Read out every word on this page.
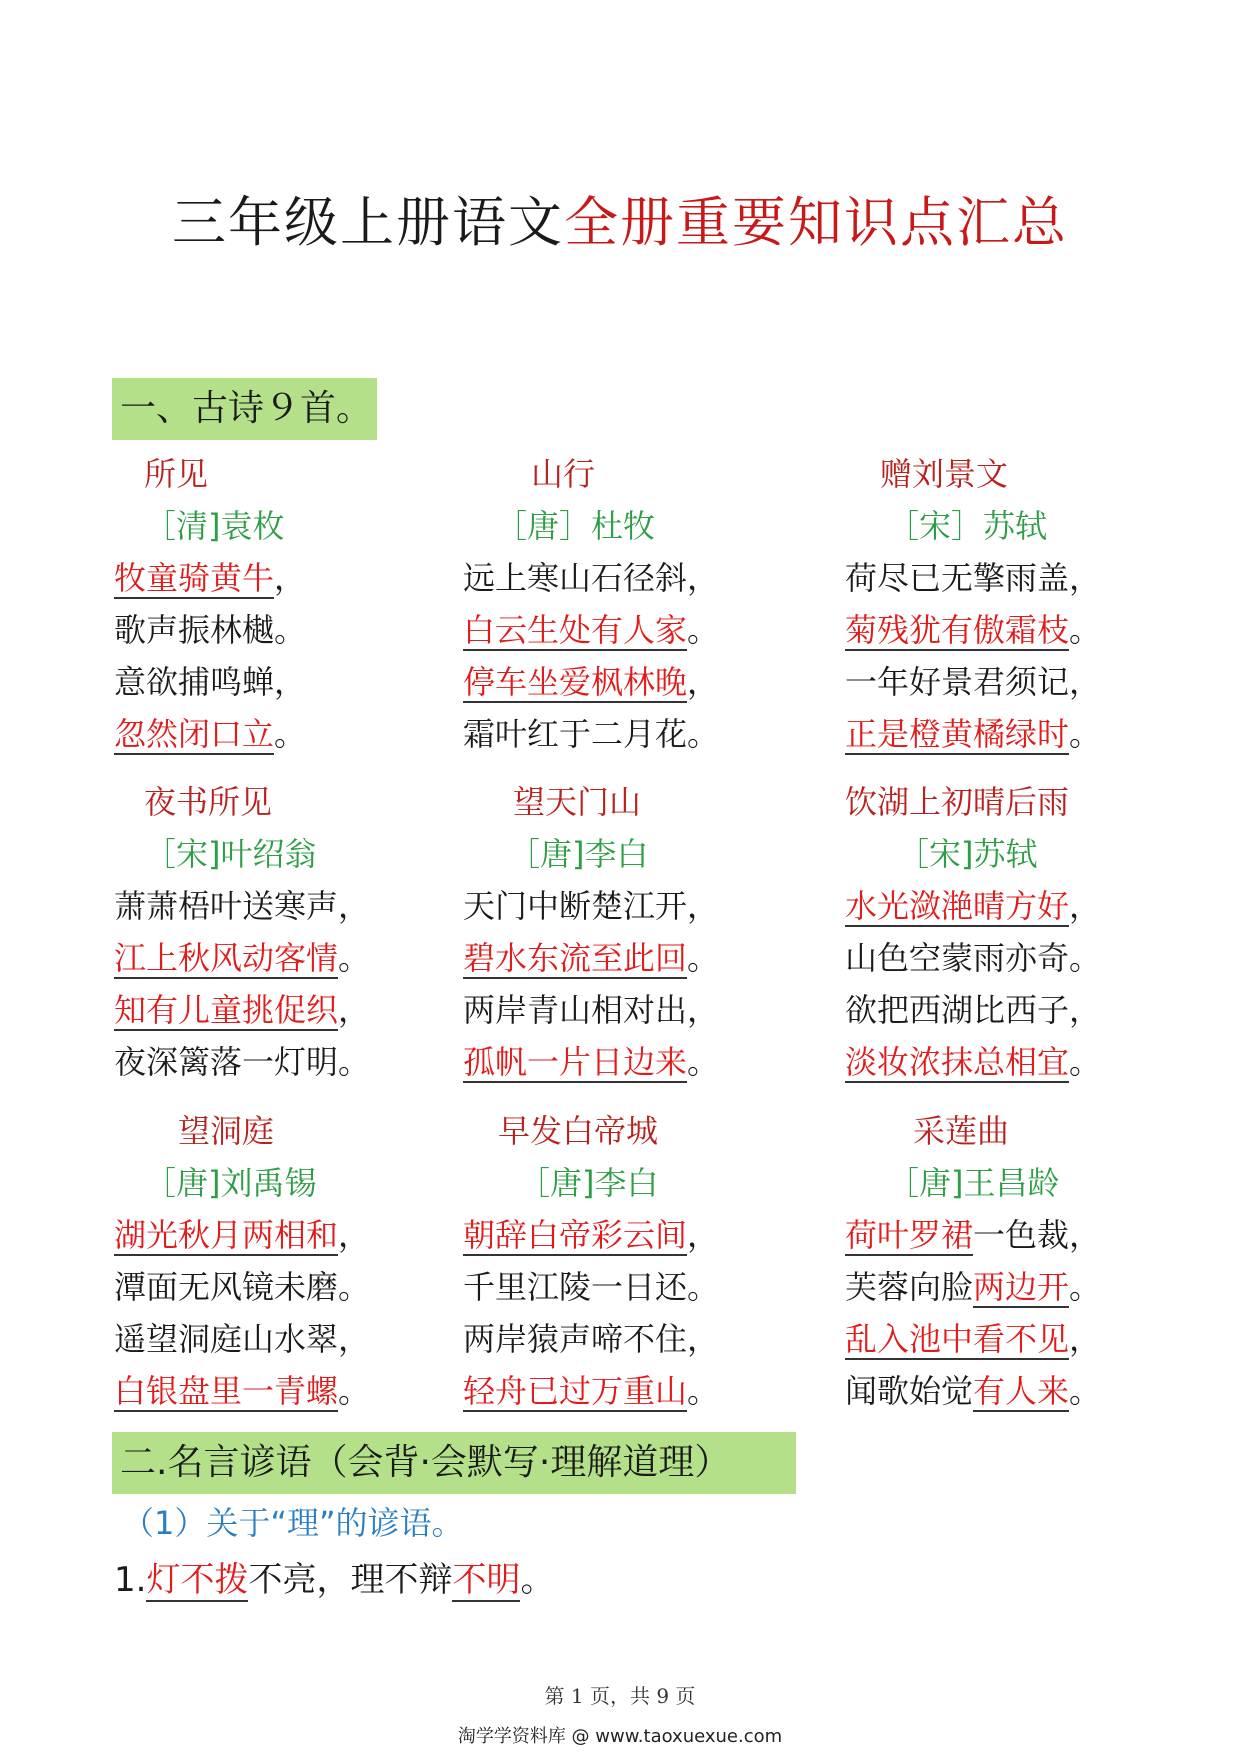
三年级上册语文全册重要知识点汇总
一、古诗９首。
所见
［清]袁枚
牧童骑黄牛，
歌声振林樾。
意欲捕鸣蝉，
忽然闭口立。
山行
［唐］杜牧
远上寒山石径斜，
白云生处有人家。
停车坐爱枫林晚，
霜叶红于二月花。
赠刘景文
［宋］苏轼
荷尽已无擎雨盖，
菊残犹有傲霜枝。
一年好景君须记，
正是橙黄橘绿时。
夜书所见
［宋]叶绍翁
萧萧梧叶送寒声，
江上秋风动客情。
知有儿童挑促织，
夜深篱落一灯明。
望天门山
［唐]李白
天门中断楚江开，
碧水东流至此回。
两岸青山相对出，
孤帆一片日边来。
饮湖上初晴后雨
［宋]苏轼
水光潋滟晴方好，
山色空蒙雨亦奇。
欲把西湖比西子，
淡妆浓抹总相宜。
望洞庭
［唐]刘禹锡
湖光秋月两相和，
潭面无风镜未磨。
遥望洞庭山水翠，
白银盘里一青螺。
早发白帝城
［唐]李白
朝辞白帝彩云间，
千里江陵一日还。
两岸猿声啼不住，
轻舟已过万重山。
采莲曲
［唐]王昌龄
荷叶罗裙一色裁，
芙蓉向脸两边开。
乱入池中看不见，
闻歌始觉有人来。
二.名言谚语（会背·会默写·理解道理）
（1）关于“理”的谚语。
1.灯不拨不亮，理不辩不明。
第 1 页，共 9 页
淘学学资料库 @ www.taoxuexue.com
